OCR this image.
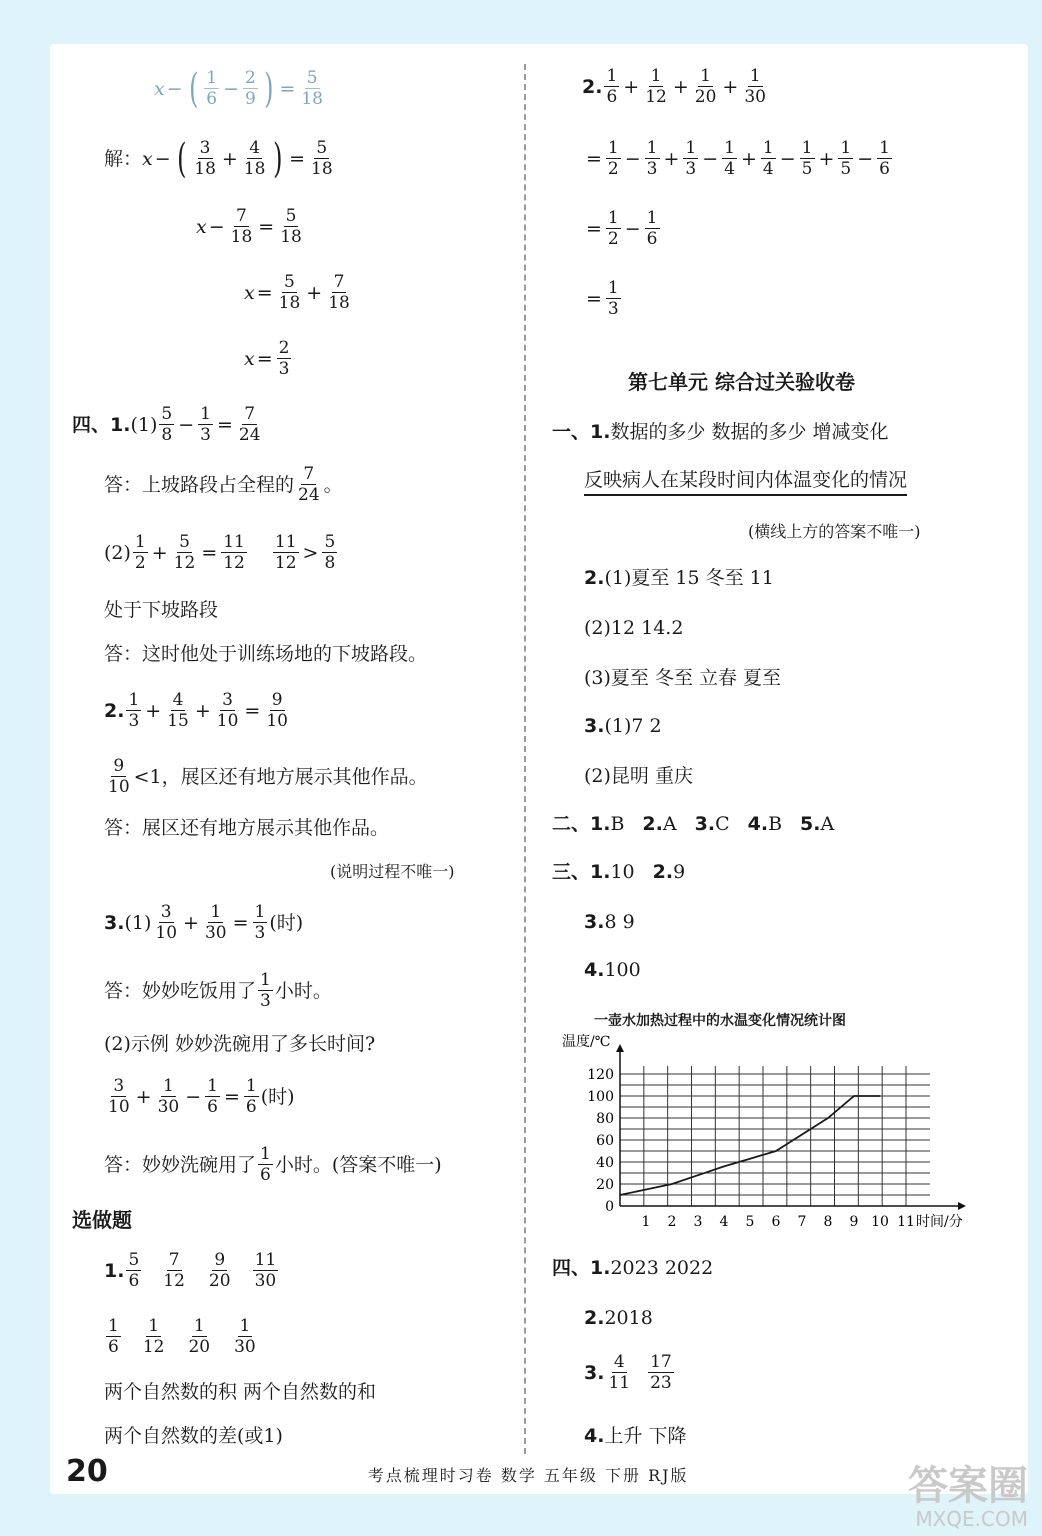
x − ( 1
$6 - \frac{2}{9}$ ) = $\frac{5}{18}$
解： x − ( 3
$18 + \frac{4}{18}$ ) = $\frac{5}{18}$
$x - \frac{7}{18} = \frac{5}{18}$
$x = \frac{5}{18} + \frac{7}{18}$
$x = \frac{2}{3}$
四、1. (1) 5
$8 - \frac{1}{3} = \frac{7}{24}$
答：上坡路段占全程的 7
24 。
(2) 1
$2 + \frac{5}{12} = \frac{11}{12} 11$
12 > 5
8
处于下坡路段
答：这时他处于训练场地的下坡路段。
2. 1
$3 + \frac{4}{15} + \frac{3}{10} = \frac{9}{10}$
9
10 <1，展区还有地方展示其他作品。
答：展区还有地方展示其他作品。
(说明过程不唯一)
3. (1) 3
$10 + \frac{1}{30} = \frac{1}{3}$ (时)
答：妙妙吃饭用了 1
3 小时。
(2)示例 妙妙洗碗用了多长时间?
3
$10 + \frac{1}{30} - \frac{1}{6} = \frac{1}{6}$ (时)
答：妙妙洗碗用了 1
6 小时。(答案不唯一)
选做题
1. 5
6
7
12
9
20
11
30
1
6
1
12
1
20
1
30
两个自然数的积 两个自然数的和
两个自然数的差(或1)
2. 1
$6 + \frac{1}{12} + \frac{1}{20} + \frac{1}{30}$
= $\frac{1}{2} - \frac{1}{3} + \frac{1}{3} - \frac{1}{4} + \frac{1}{4} - \frac{1}{5} + \frac{1}{5} - \frac{1}{6}$
= $\frac{1}{2} - \frac{1}{6}$
= $\frac{1}{3}$
第七单元 综合过关验收卷
一、1. 数据的多少 数据的多少 增减变化
反映病人在某段时间内体温变化的情况
(横线上方的答案不唯一)
2. (1)夏至 15 冬至 11
(2)12 14.2
(3)夏至 冬至 立春 夏至
3. (1)7 2
(2)昆明 重庆
二、1. B 2. A 3. C 4. B 5. A
三、1. 10 2. 9
3. 8 9
4. 100
一壶水加热过程中的水温变化情况统计图
0
20
40
60
80
100
120
1 2 3 4 5 6 7 8 9 10 11 时间/分
温度/℃
四、1. 2023 2022
2. 2018
3. 4
11
17
23
4. 上升 下降
20	考点梳理时习卷 数学 五年级 下册 RJ版	答案圈
MXQE.COM
